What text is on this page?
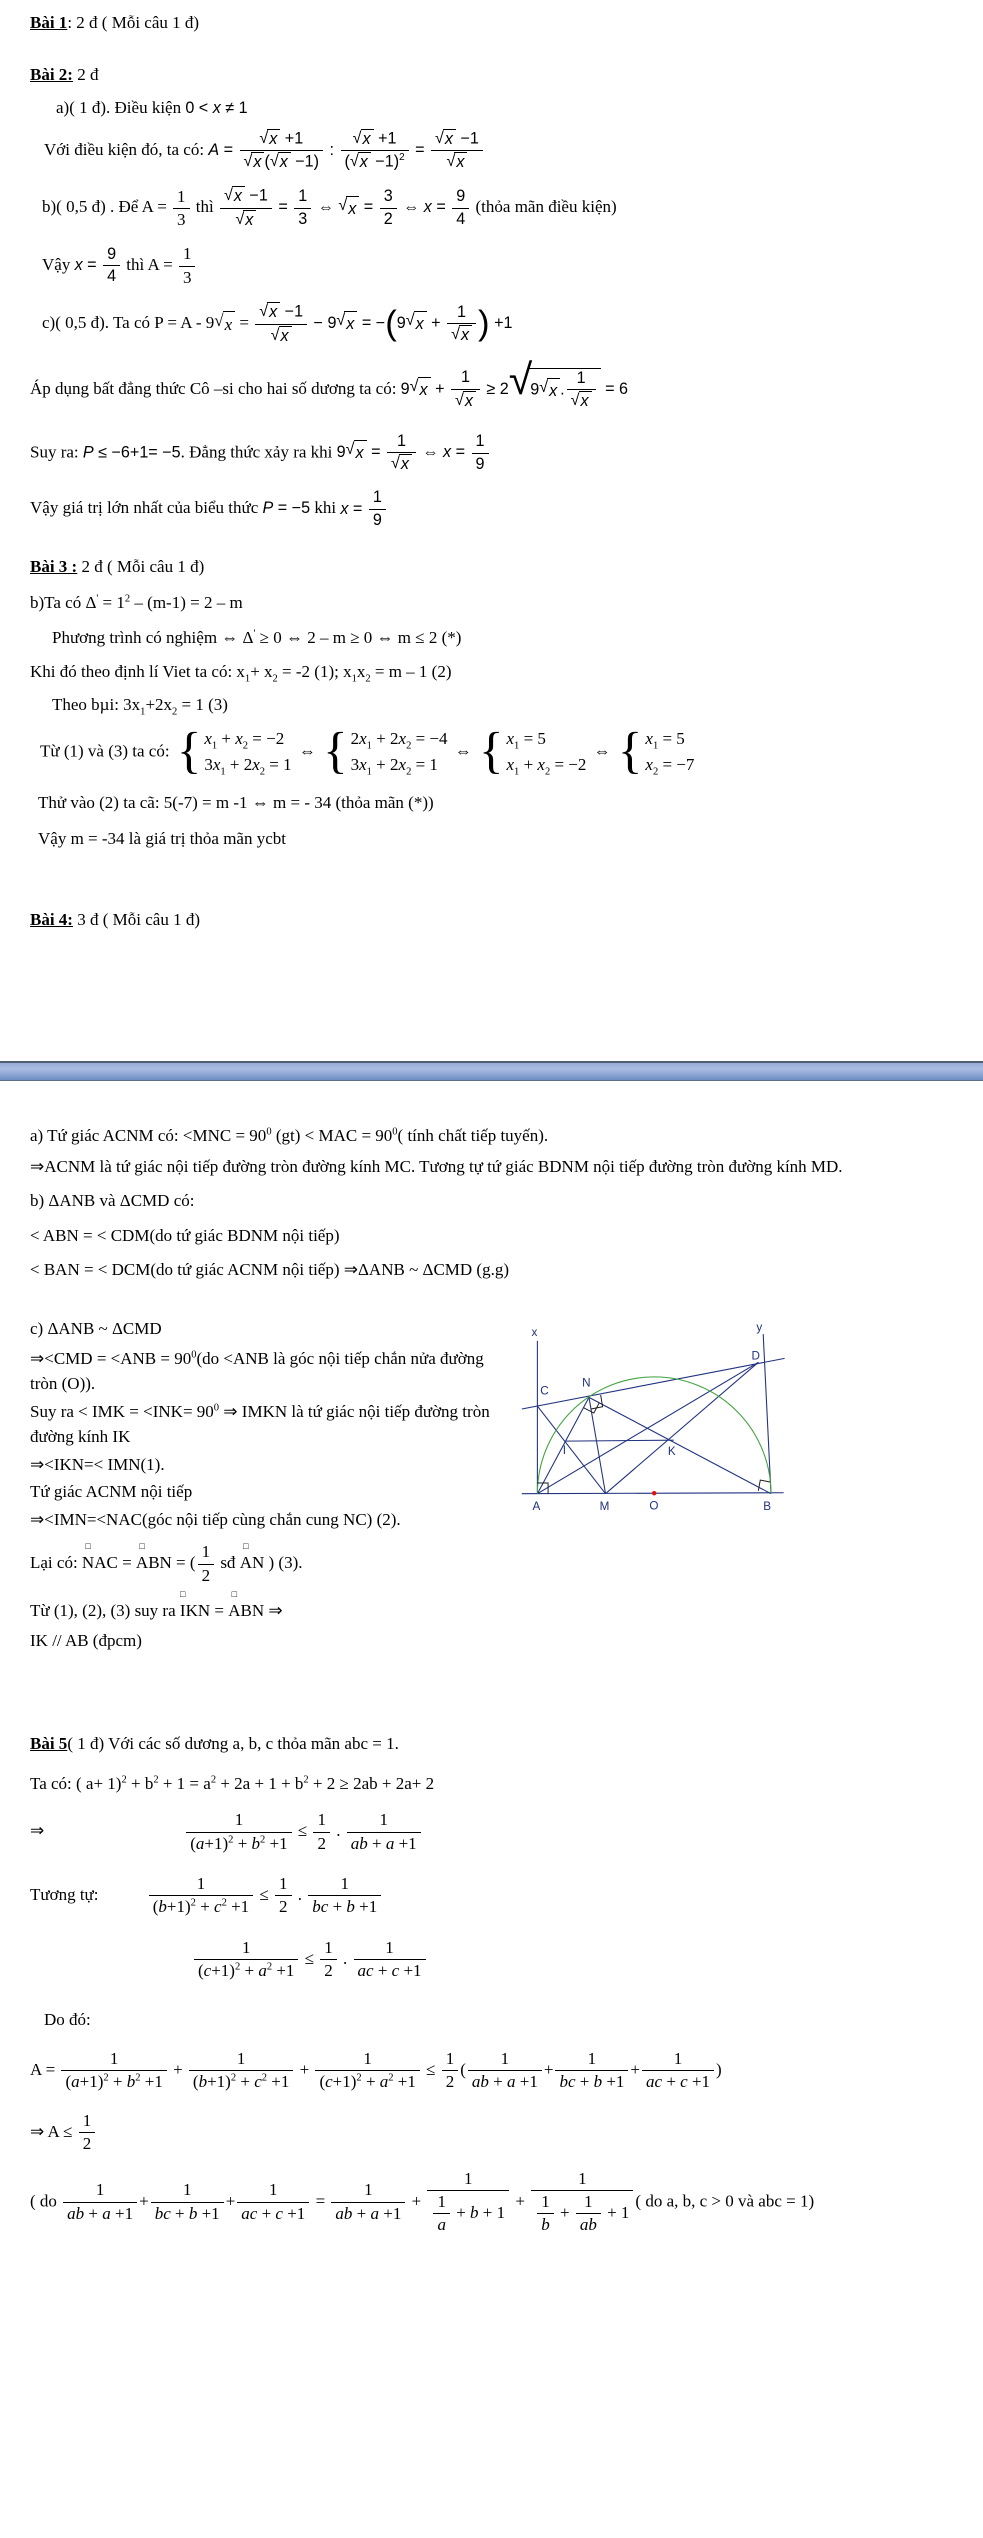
Bài 1: 2 đ ( Mỗi câu 1 đ)
Bài 2: 2 đ
a)( 1 đ). Điều kiện 0 < x ≠ 1
Với điều kiện đó, ta có: $A = \frac{√ x +1}{√ x ( √ x -1)}$ : $\frac{√ x +1}{( √ x -1)^2} = \frac{√ x -1}{√ x}$
b)( 0,5 đ) . Để $A = \frac{1}{3}$ thì $\frac{√ x -1}{√ x} = \frac{1}{3}$ ⇔ √ $x = \frac{3}{2}$ ⇔ $x = \frac{9}{4}$ (thỏa mãn điều kiện)
Vậy $x = \frac{9}{4}$ thì $A = \frac{1}{3}$
c)( 0,5 đ). Ta có P = A - 9 √ $x = \frac{√ x -1}{√ x} - 9$ √ x = −(9 √ $x + \frac{1}{√ x}$ ) +1
Áp dụng bất đẳng thức Cô –si cho hai số dương ta có: 9 √ $x + \frac{1}{√ x} \ge 2$ √
9 √ x . $\frac{1}{√ x} = 6$
Suy ra: P ≤ −6+1= −5. Đẳng thức xảy ra khi 9 √ $x = \frac{1}{√ x}$ ⇔ $x = \frac{1}{9}$
Vậy giá trị lớn nhất của biểu thức P = −5 khi $x = \frac{1}{9}$
Bài 3 : 2 đ ( Mỗi câu 1 đ)
b)Ta có $\Delta' = 1^2 - (m-1) = 2 - m$
Phương trình có nghiệm ⇔ Δ' ≥ 0 ⇔ 2 – m ≥ 0 ⇔ m ≤ 2 (*)
Khi đó theo định lí Viet ta có: $x_1+ x_2 = -2$ (1); $x_1x_2 = m - 1$ (2)
Theo bµi: $3x_1+2x_2 = 1$ (3)
Từ (1) và (3) ta có: { $x_1 + x_2 = -2$
$3x_1 + 2x_2 = 1$
⇔ { $2x_1 + 2x_2 = -4$
$3x_1 + 2x_2 = 1$
⇔ { $x_1 = 5$
$x_1 + x_2 = -2$
⇔ { $x_1 = 5$
$x_2 = -7$
Thử vào (2) ta cã: 5(-7) = m -1 ⇔ m = - 34 (thỏa mãn (*))
Vậy m = -34 là giá trị thỏa mãn ycbt
Bài 4: 3 đ ( Mỗi câu 1 đ)
a) Tứ giác ACNM có: $<MNC = 90^0$ (gt) < MAC = $90^0$( tính chất tiếp tuyến).
⇒ACNM là tứ giác nội tiếp đường tròn đường kính MC. Tương tự tứ giác BDNM nội tiếp đường tròn đường kính MD.
b) ΔANB và ΔCMD có:
< ABN = < CDM(do tứ giác BDNM nội tiếp)
< BAN = < DCM(do tứ giác ACNM nội tiếp) ⇒ΔANB ~ ΔCMD (g.g)
x	y
D
C
N
I	K
A	M	O	B
c) ΔANB ~ ΔCMD
⇒<CMD = $<ANB = 90^0(do <ANB$ là góc nội tiếp chắn nửa đường tròn (O)).
Suy ra < IMK = $<INK= 90^0$ ⇒ IMKN là tứ giác nội tiếp đường tròn đường kính IK
⇒<IKN=< IMN(1).
Tứ giác ACNM nội tiếp
⇒<IMN=<NAC(góc nội tiếp cùng chắn cung NC) (2).
Lại có:
□
NAC =
□
ABN = ( $\frac{1}{2}$ sđ
□
AN ) (3).
Từ (1), (2), (3) suy ra
□
IKN =
□
ABN ⇒
IK // AB (đpcm)
Bài 5( 1 đ) Với các số dương a, b, c thỏa mãn abc = 1.
Ta có: ( $a+ 1)^2 + b^2 + 1 = a^2 + 2a + 1 + b^2 + 2 \ge 2ab + 2a+ 2$
⇒	$\frac{1}{(a+1)^2 + b^2 +1} \le \frac{1}{2}$ . $\frac{1}{ab + a +1}$
Tương tự:	$\frac{1}{(b+1)^2 + c^2 +1} \le \frac{1}{2}$ . $\frac{1}{bc + b +1}$
$\frac{1}{(c+1)^2 + a^2 +1} \le \frac{1}{2}$ . $\frac{1}{ac + c +1}$
Do đó:
$A = \frac{1}{(a+1)^2 + b^2 +1} + \frac{1}{(b+1)^2 + c^2 +1} + \frac{1}{(c+1)^2 + a^2 +1} \le \frac{1}{2}$ ( $\frac{1}{ab + a +1} + \frac{1}{bc + b +1} + \frac{1}{ac + c +1}$ )
⇒ $A \le \frac{1}{2}$
( do $\frac{1}{ab + a +1} + \frac{1}{bc + b +1} + \frac{1}{ac + c +1} = \frac{1}{ab + a +1} + \frac{1}{\frac{1}{a} + b + 1} + \frac{1}{\frac{1}{b} + \frac{1}{ab} + 1}$ ( do a, b, c > 0 và abc = 1)
